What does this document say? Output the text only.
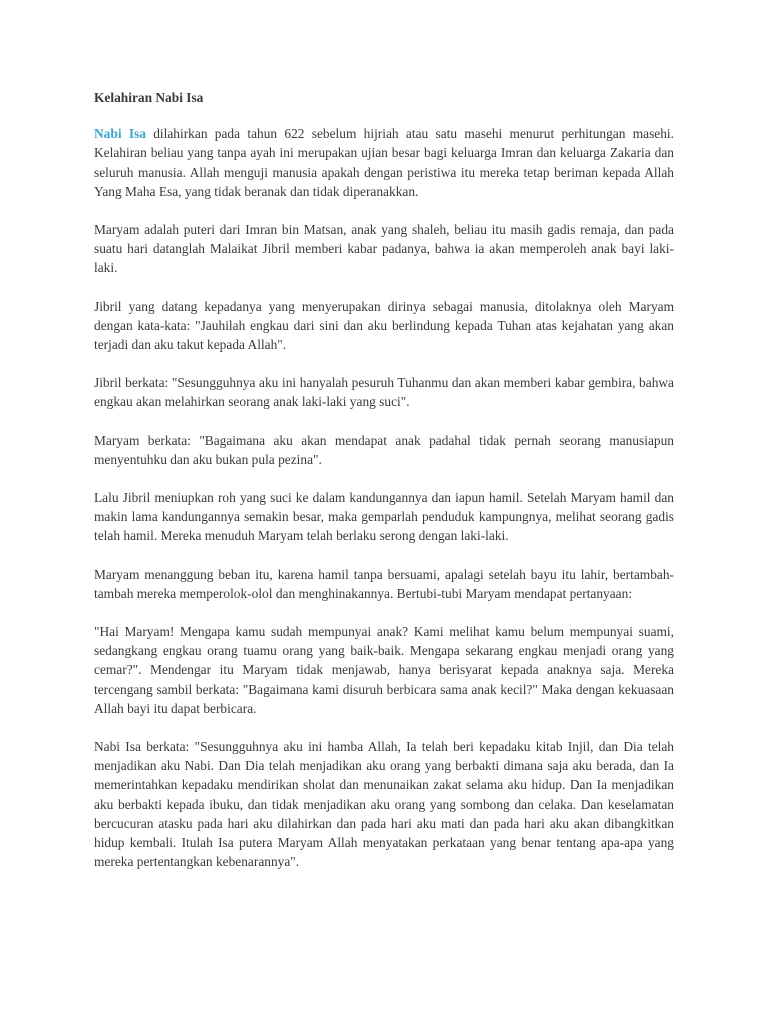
Kelahiran Nabi Isa

Nabi Isa dilahirkan pada tahun 622 sebelum hijriah atau satu masehi menurut perhitungan masehi. Kelahiran beliau yang tanpa ayah ini merupakan ujian besar bagi keluarga Imran dan keluarga Zakaria dan seluruh manusia. Allah menguji manusia apakah dengan peristiwa itu mereka tetap beriman kepada Allah Yang Maha Esa, yang tidak beranak dan tidak diperanakkan.

Maryam adalah puteri dari Imran bin Matsan, anak yang shaleh, beliau itu masih gadis remaja, dan pada suatu hari datanglah Malaikat Jibril memberi kabar padanya, bahwa ia akan memperoleh anak bayi laki-laki.

Jibril yang datang kepadanya yang menyerupakan dirinya sebagai manusia, ditolaknya oleh Maryam dengan kata-kata: "Jauhilah engkau dari sini dan aku berlindung kepada Tuhan atas kejahatan yang akan terjadi dan aku takut kepada Allah".

Jibril berkata: "Sesungguhnya aku ini hanyalah pesuruh Tuhanmu dan akan memberi kabar gembira, bahwa engkau akan melahirkan seorang anak laki-laki yang suci".

Maryam berkata: "Bagaimana aku akan mendapat anak padahal tidak pernah seorang manusiapun menyentuhku dan aku bukan pula pezina".

Lalu Jibril meniupkan roh yang suci ke dalam kandungannya dan iapun hamil. Setelah Maryam hamil dan makin lama kandungannya semakin besar, maka gemparlah penduduk kampungnya, melihat seorang gadis telah hamil. Mereka menuduh Maryam telah berlaku serong dengan laki-laki.

Maryam menanggung beban itu, karena hamil tanpa bersuami, apalagi setelah bayu itu lahir, bertambah-tambah mereka memperolok-olol dan menghinakannya. Bertubi-tubi Maryam mendapat pertanyaan:

"Hai Maryam! Mengapa kamu sudah mempunyai anak? Kami melihat kamu belum mempunyai suami, sedangkang engkau orang tuamu orang yang baik-baik. Mengapa sekarang engkau menjadi orang yang cemar?". Mendengar itu Maryam tidak menjawab, hanya berisyarat kepada anaknya saja. Mereka tercengang sambil berkata: "Bagaimana kami disuruh berbicara sama anak kecil?" Maka dengan kekuasaan Allah bayi itu dapat berbicara.

Nabi Isa berkata: "Sesungguhnya aku ini hamba Allah, Ia telah beri kepadaku kitab Injil, dan Dia telah menjadikan aku Nabi. Dan Dia telah menjadikan aku orang yang berbakti dimana saja aku berada, dan Ia memerintahkan kepadaku mendirikan sholat dan menunaikan zakat selama aku hidup. Dan Ia menjadikan aku berbakti kepada ibuku, dan tidak menjadikan aku orang yang sombong dan celaka. Dan keselamatan bercucuran atasku pada hari aku dilahirkan dan pada hari aku mati dan pada hari aku akan dibangkitkan hidup kembali. Itulah Isa putera Maryam Allah menyatakan perkataan yang benar tentang apa-apa yang mereka pertentangkan kebenarannya".
